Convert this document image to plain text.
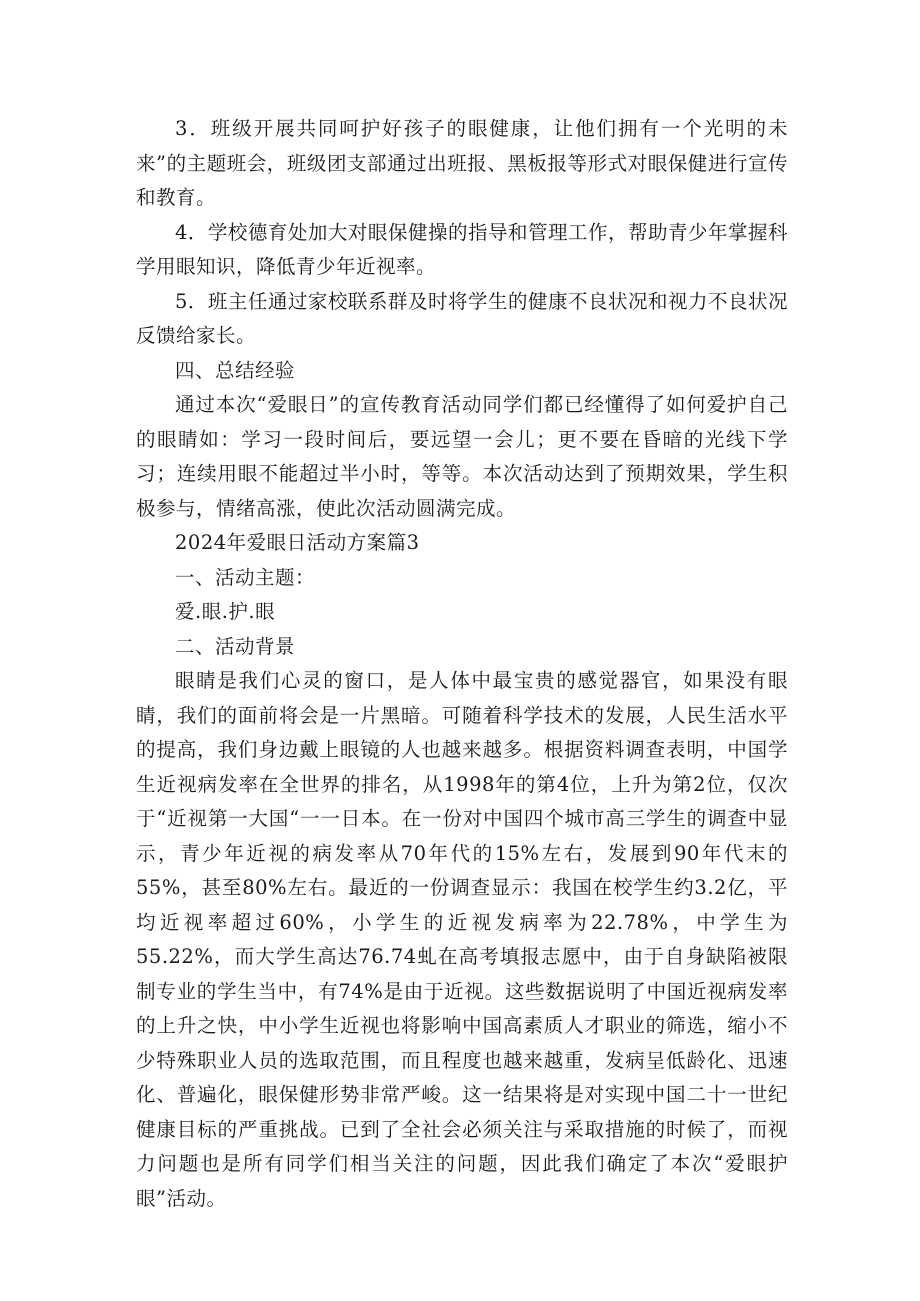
3．班级开展共同呵护好孩子的眼健康，让他们拥有一个光明的未来”的主题班会，班级团支部通过出班报、黑板报等形式对眼保健进行宣传和教育。

4．学校德育处加大对眼保健操的指导和管理工作，帮助青少年掌握科学用眼知识，降低青少年近视率。

5．班主任通过家校联系群及时将学生的健康不良状况和视力不良状况反馈给家长。

四、总结经验

通过本次“爱眼日”的宣传教育活动同学们都已经懂得了如何爱护自己的眼睛如：学习一段时间后，要远望一会儿；更不要在昏暗的光线下学习；连续用眼不能超过半小时，等等。本次活动达到了预期效果，学生积极参与，情绪高涨，使此次活动圆满完成。

2024年爱眼日活动方案篇3

一、活动主题：

爱.眼.护.眼

二、活动背景

眼睛是我们心灵的窗口，是人体中最宝贵的感觉器官，如果没有眼睛，我们的面前将会是一片黑暗。可随着科学技术的发展，人民生活水平的提高，我们身边戴上眼镜的人也越来越多。根据资料调查表明，中国学生近视病发率在全世界的排名，从1998年的第4位，上升为第2位，仅次于“近视第一大国“一一日本。在一份对中国四个城市高三学生的调查中显示，青少年近视的病发率从70年代的15%左右，发展到90年代末的55%，甚至80%左右。最近的一份调查显示：我国在校学生约3.2亿，平均近视率超过60%，小学生的近视发病率为22.78%，中学生为55.22%，而大学生高达76.74虬在高考填报志愿中，由于自身缺陷被限制专业的学生当中，有74%是由于近视。这些数据说明了中国近视病发率的上升之快，中小学生近视也将影响中国高素质人才职业的筛选，缩小不少特殊职业人员的选取范围，而且程度也越来越重，发病呈低龄化、迅速化、普遍化，眼保健形势非常严峻。这一结果将是对实现中国二十一世纪健康目标的严重挑战。已到了全社会必须关注与采取措施的时候了，而视力问题也是所有同学们相当关注的问题，因此我们确定了本次“爱眼护眼”活动。
